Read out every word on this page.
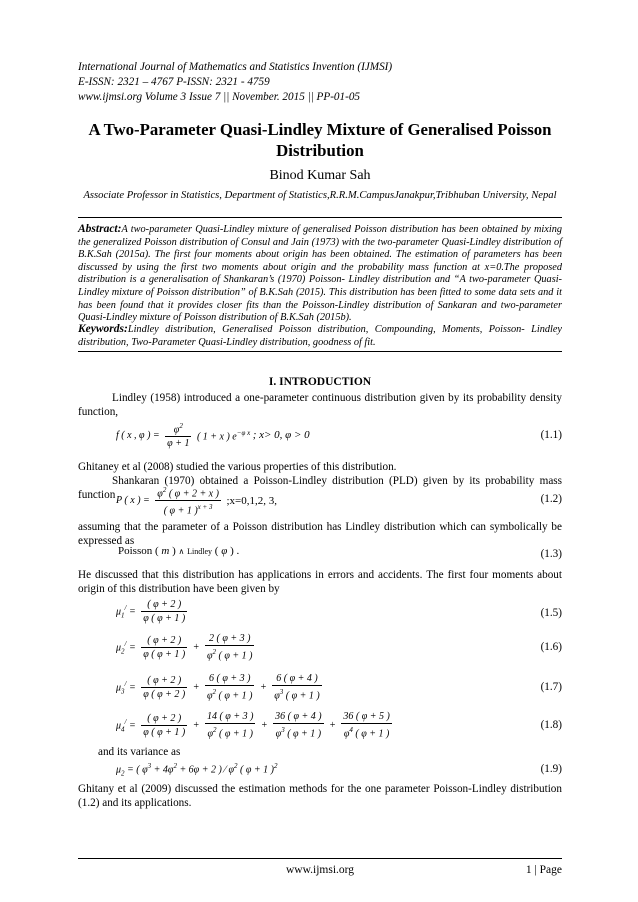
International Journal of Mathematics and Statistics Invention (IJMSI)
E-ISSN: 2321 – 4767 P-ISSN: 2321 - 4759
www.ijmsi.org Volume 3 Issue 7 || November. 2015 || PP-01-05
A Two-Parameter Quasi-Lindley Mixture of Generalised Poisson Distribution
Binod Kumar Sah
Associate Professor in Statistics, Department of Statistics,R.R.M.CampusJanakpur,Tribhuban University, Nepal
Abstract:A two-parameter Quasi-Lindley mixture of generalised Poisson distribution has been obtained by mixing the generalized Poisson distribution of Consul and Jain (1973) with the two-parameter Quasi-Lindley distribution of B.K.Sah (2015a). The first four moments about origin has been obtained. The estimation of parameters has been discussed by using the first two moments about origin and the probability mass function at x=0.The proposed distribution is a generalisation of Shankaran’s (1970) Poisson- Lindley distribution and “A two-parameter Quasi-Lindley mixture of Poisson distribution” of B.K.Sah (2015). This distribution has been fitted to some data sets and it has been found that it provides closer fits than the Poisson-Lindley distribution of Sankaran and two-parameter Quasi-Lindley mixture of Poisson distribution of B.K.Sah (2015b).
Keywords:Lindley distribution, Generalised Poisson distribution, Compounding, Moments, Poisson- Lindley distribution, Two-Parameter Quasi-Lindley distribution, goodness of fit.
I. INTRODUCTION
Lindley (1958) introduced a one-parameter continuous distribution given by its probability density function,
f ( x , φ ) = $\frac{\varphi^2}{\varphi + 1}$ ( 1 + x ) $e^{-\varphi x}$ ; x> 0, φ > 0	(1.1)
Ghitaney et al (2008) studied the various properties of this distribution.
Shankaran (1970) obtained a Poisson-Lindley distribution (PLD) given by its probability mass function P ( x ) = $\frac{\varphi^2 ( \varphi + 2 + x )}{( \varphi + 1 )^{x + 3}}$ ;x=0,1,2, 3,	(1.2)
assuming that the parameter of a Poisson distribution has Lindley distribution which can symbolically be expressed as
Poisson ( m ) ∧ Lindley ( φ ) .	(1.3)
He discussed that this distribution has applications in errors and accidents. The first four moments about origin of this distribution have been given by
$\mu_1^/ = \frac{( \varphi + 2 )}{\varphi ( \varphi + 1 )}$	(1.5)
$\mu_2^/ = \frac{( \varphi + 2 )}{\varphi ( \varphi + 1 )} + \frac{2 ( \varphi + 3 )}{\varphi^2 ( \varphi + 1 )}$	(1.6)
$\mu_3^/ = \frac{( \varphi + 2 )}{\varphi ( \varphi + 2 )} + \frac{6 ( \varphi + 3 )}{\varphi^2 ( \varphi + 1 )} + \frac{6 ( \varphi + 4 )}{\varphi^3 ( \varphi + 1 )}$	(1.7)
$\mu_4^/ = \frac{( \varphi + 2 )}{\varphi ( \varphi + 1 )} + \frac{14 ( \varphi + 3 )}{\varphi^2 ( \varphi + 1 )} + \frac{36 ( \varphi + 4 )}{\varphi^3 ( \varphi + 1 )} + \frac{36 ( \varphi + 5 )}{\varphi^4 ( \varphi + 1 )}$	(1.8)
and its variance as
$\mu_2$ = ( $\varphi^3 + 4\varphi^2 + 6\varphi + 2$ ) ⁄ $\varphi^2$ ( φ + 1 )$^2$	(1.9)
Ghitany et al (2009) discussed the estimation methods for the one parameter Poisson-Lindley distribution (1.2) and its applications.
www.ijmsi.org	1 | Page
